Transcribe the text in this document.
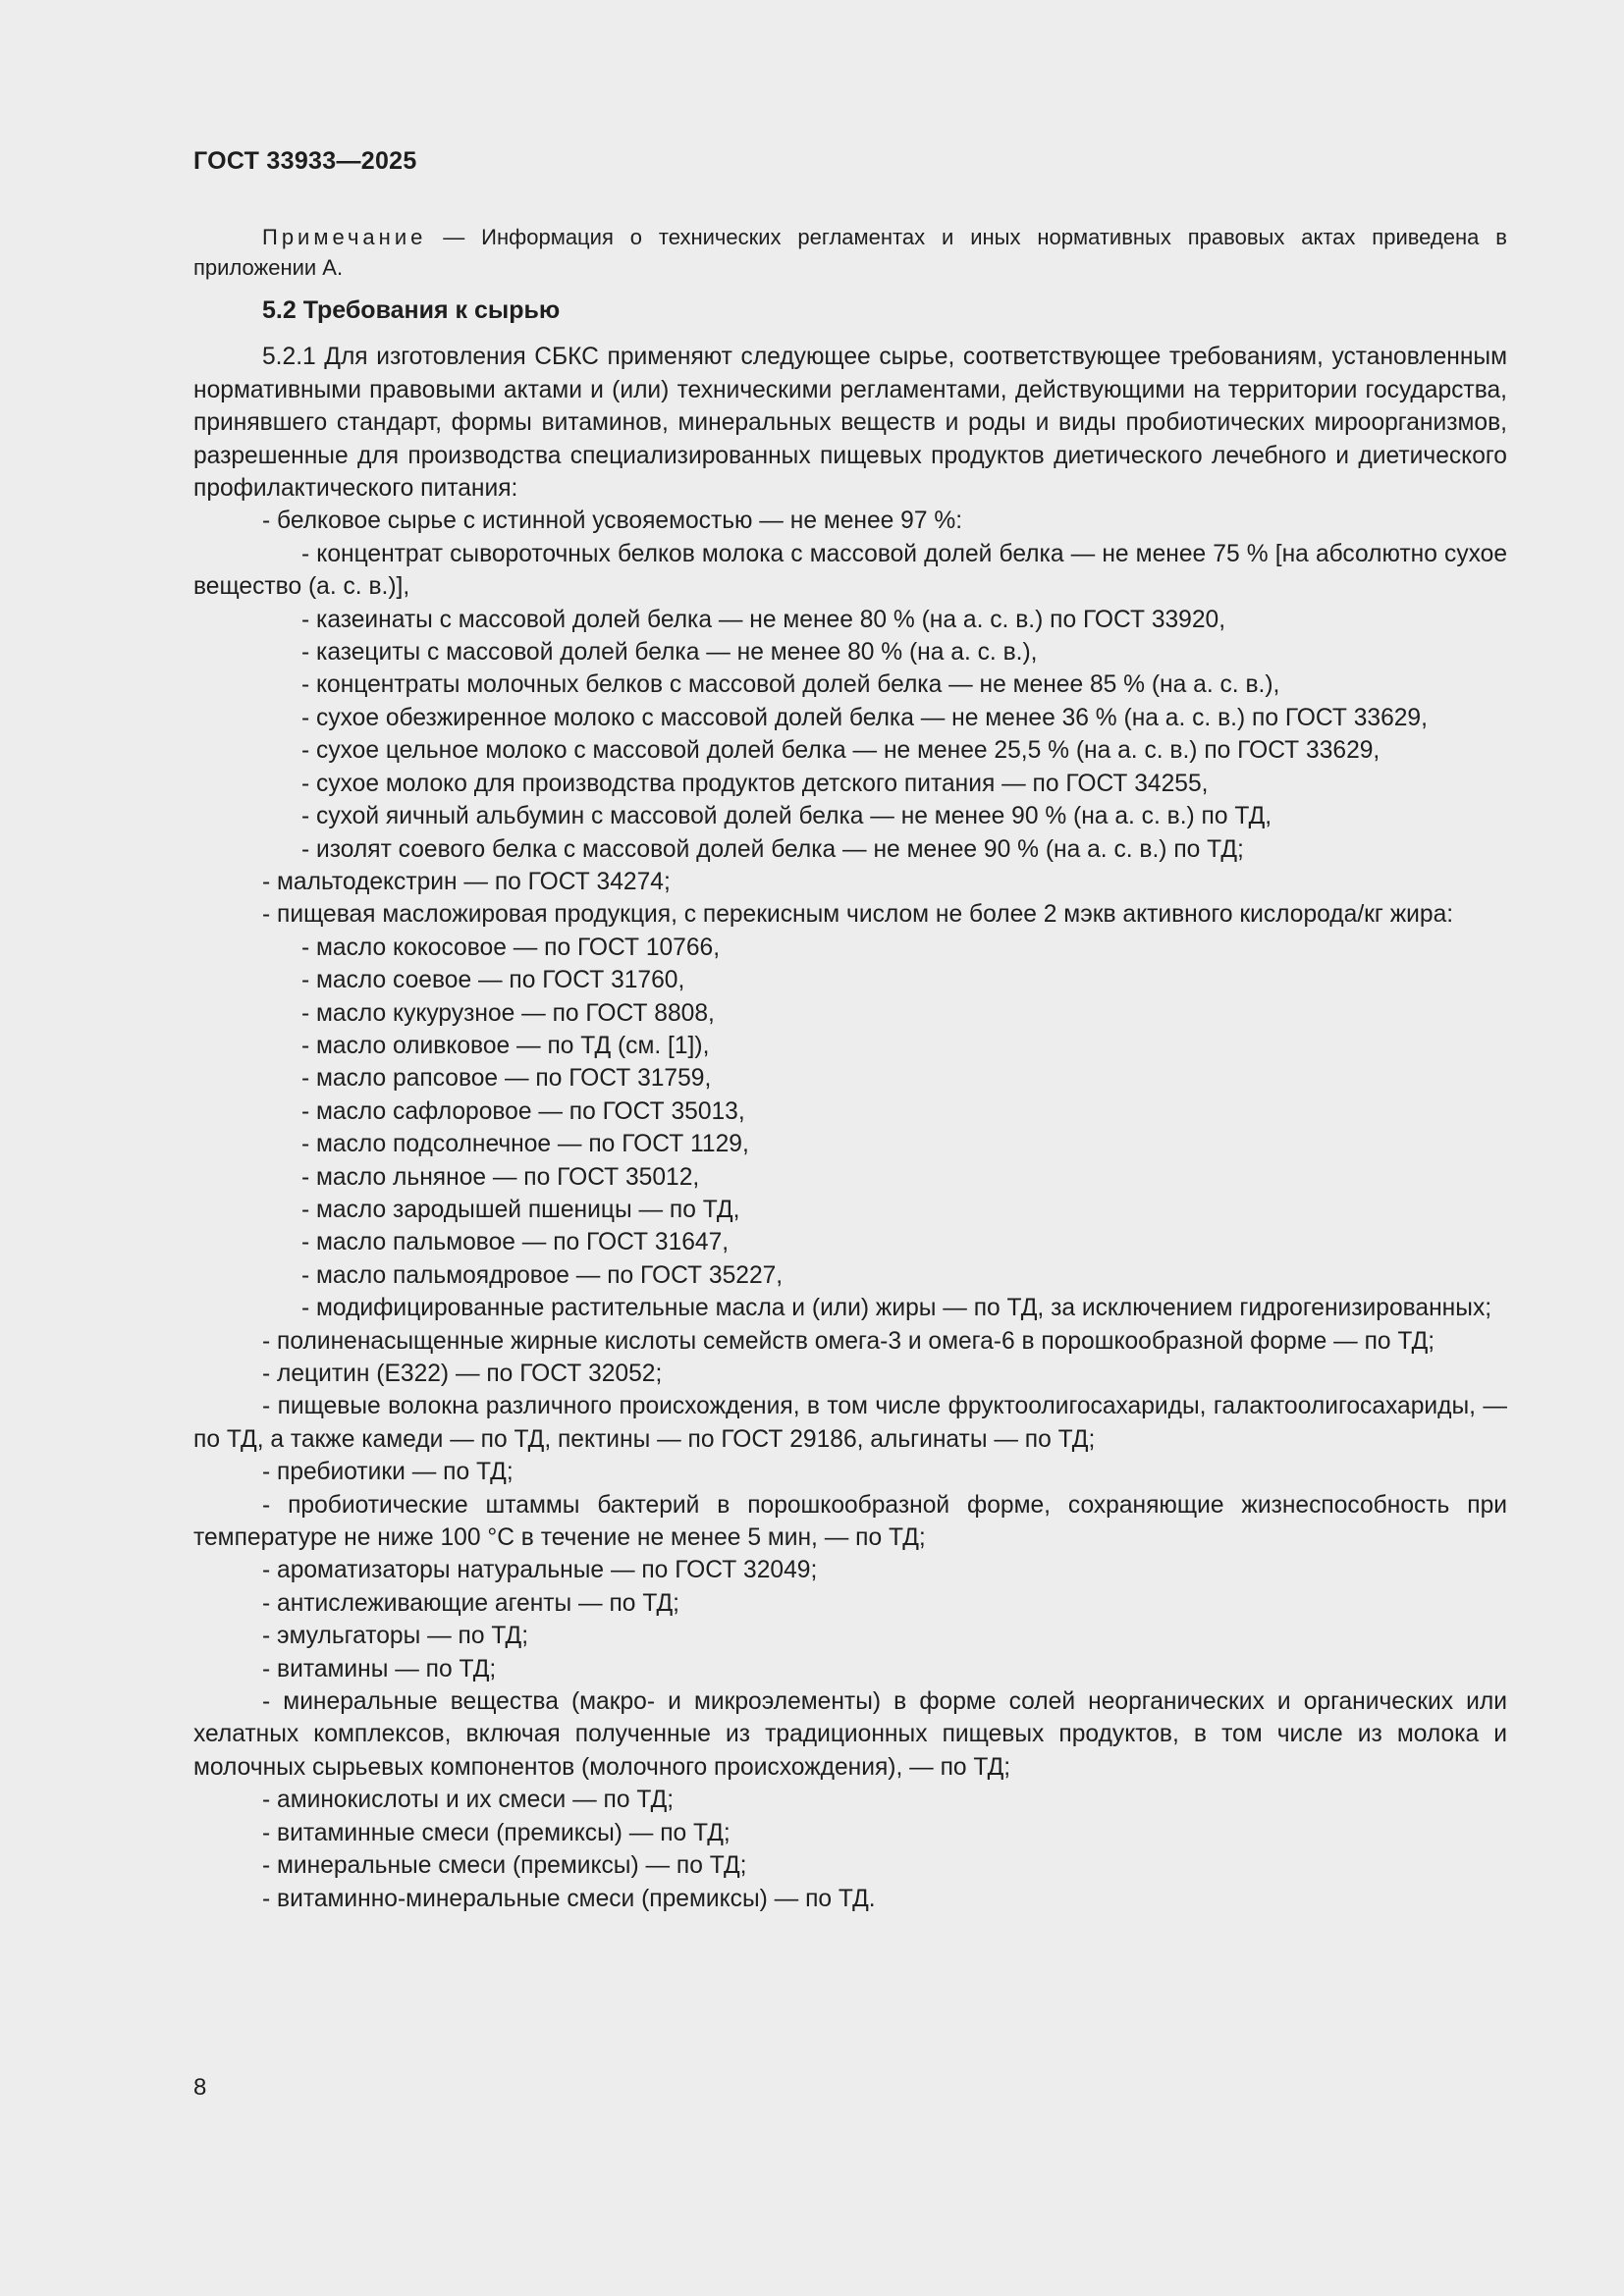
ГОСТ 33933—2025

Примечание — Информация о технических регламентах и иных нормативных правовых актах приведена в приложении А.

5.2 Требования к сырью

5.2.1 Для изготовления СБКС применяют следующее сырье, соответствующее требованиям, установленным нормативными правовыми актами и (или) техническими регламентами, действующими на территории государства, принявшего стандарт, формы витаминов, минеральных веществ и роды и виды пробиотических мироорганизмов, разрешенные для производства специализированных пищевых продуктов диетического лечебного и диетического профилактического питания:

- белковое сырье с истинной усвояемостью — не менее 97 %:

- концентрат сывороточных белков молока с массовой долей белка — не менее 75 % [на абсолютно сухое вещество (а. с. в.)],

- казеинаты с массовой долей белка — не менее 80 % (на а. с. в.) по ГОСТ 33920,

- казециты с массовой долей белка — не менее 80 % (на а. с. в.),

- концентраты молочных белков с массовой долей белка — не менее 85 % (на а. с. в.),

- сухое обезжиренное молоко с массовой долей белка — не менее 36 % (на а. с. в.) по ГОСТ 33629,

- сухое цельное молоко с массовой долей белка — не менее 25,5 % (на а. с. в.) по ГОСТ 33629,

- сухое молоко для производства продуктов детского питания — по ГОСТ 34255,

- сухой яичный альбумин с массовой долей белка — не менее 90 % (на а. с. в.) по ТД,

- изолят соевого белка с массовой долей белка — не менее 90 % (на а. с. в.) по ТД;

- мальтодекстрин — по ГОСТ 34274;

- пищевая масложировая продукция, с перекисным числом не более 2 мэкв активного кислорода/кг жира:

- масло кокосовое — по ГОСТ 10766,

- масло соевое — по ГОСТ 31760,

- масло кукурузное — по ГОСТ 8808,

- масло оливковое — по ТД (см. [1]),

- масло рапсовое — по ГОСТ 31759,

- масло сафлоровое — по ГОСТ 35013,

- масло подсолнечное — по ГОСТ 1129,

- масло льняное — по ГОСТ 35012,

- масло зародышей пшеницы — по ТД,

- масло пальмовое — по ГОСТ 31647,

- масло пальмоядровое — по ГОСТ 35227,

- модифицированные растительные масла и (или) жиры — по ТД, за исключением гидрогенизированных;

- полиненасыщенные жирные кислоты семейств омега-3 и омега-6 в порошкообразной форме — по ТД;

- лецитин (Е322) — по ГОСТ 32052;

- пищевые волокна различного происхождения, в том числе фруктоолигосахариды, галактоолигосахариды, — по ТД, а также камеди — по ТД, пектины — по ГОСТ 29186, альгинаты — по ТД;

- пребиотики — по ТД;

- пробиотические штаммы бактерий в порошкообразной форме, сохраняющие жизнеспособность при температуре не ниже 100 °С в течение не менее 5 мин, — по ТД;

- ароматизаторы натуральные — по ГОСТ 32049;

- антислеживающие агенты — по ТД;

- эмульгаторы — по ТД;

- витамины — по ТД;

- минеральные вещества (макро- и микроэлементы) в форме солей неорганических и органических или хелатных комплексов, включая полученные из традиционных пищевых продуктов, в том числе из молока и молочных сырьевых компонентов (молочного происхождения), — по ТД;

- аминокислоты и их смеси — по ТД;

- витаминные смеси (премиксы) — по ТД;

- минеральные смеси (премиксы) — по ТД;

- витаминно-минеральные смеси (премиксы) — по ТД.

8
